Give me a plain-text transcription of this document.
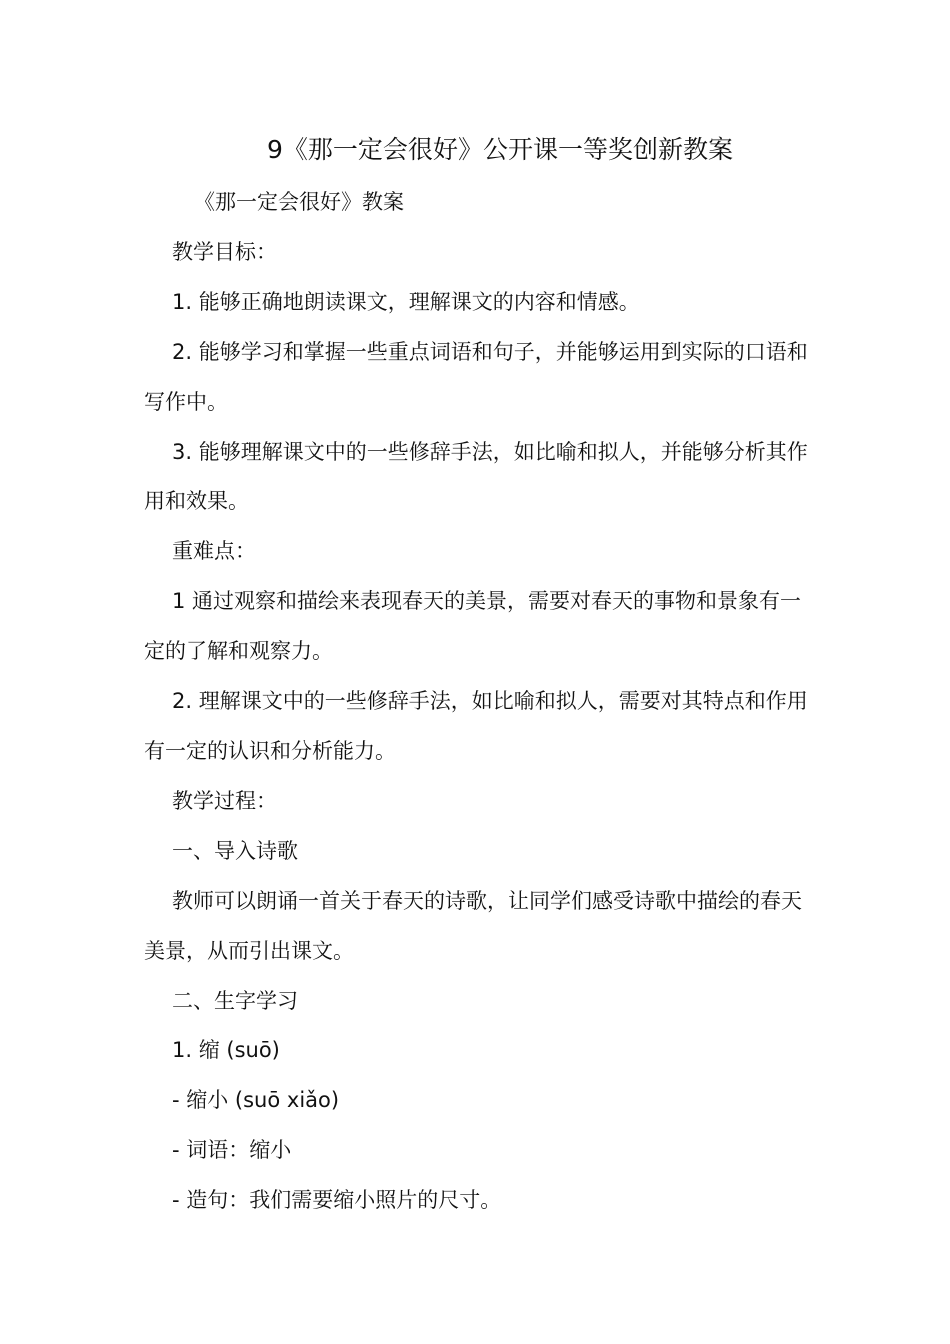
9《那一定会很好》公开课一等奖创新教案

《那一定会很好》教案

教学目标：

1. 能够正确地朗读课文，理解课文的内容和情感。

2. 能够学习和掌握一些重点词语和句子，并能够运用到实际的口语和写作中。

3. 能够理解课文中的一些修辞手法，如比喻和拟人，并能够分析其作用和效果。

重难点：

1 通过观察和描绘来表现春天的美景，需要对春天的事物和景象有一定的了解和观察力。

2. 理解课文中的一些修辞手法，如比喻和拟人，需要对其特点和作用有一定的认识和分析能力。

教学过程：

一、导入诗歌

教师可以朗诵一首关于春天的诗歌，让同学们感受诗歌中描绘的春天美景，从而引出课文。

二、生字学习

1. 缩 (suō)

- 缩小 (suō xiǎo)

- 词语：缩小

- 造句：我们需要缩小照片的尺寸。
